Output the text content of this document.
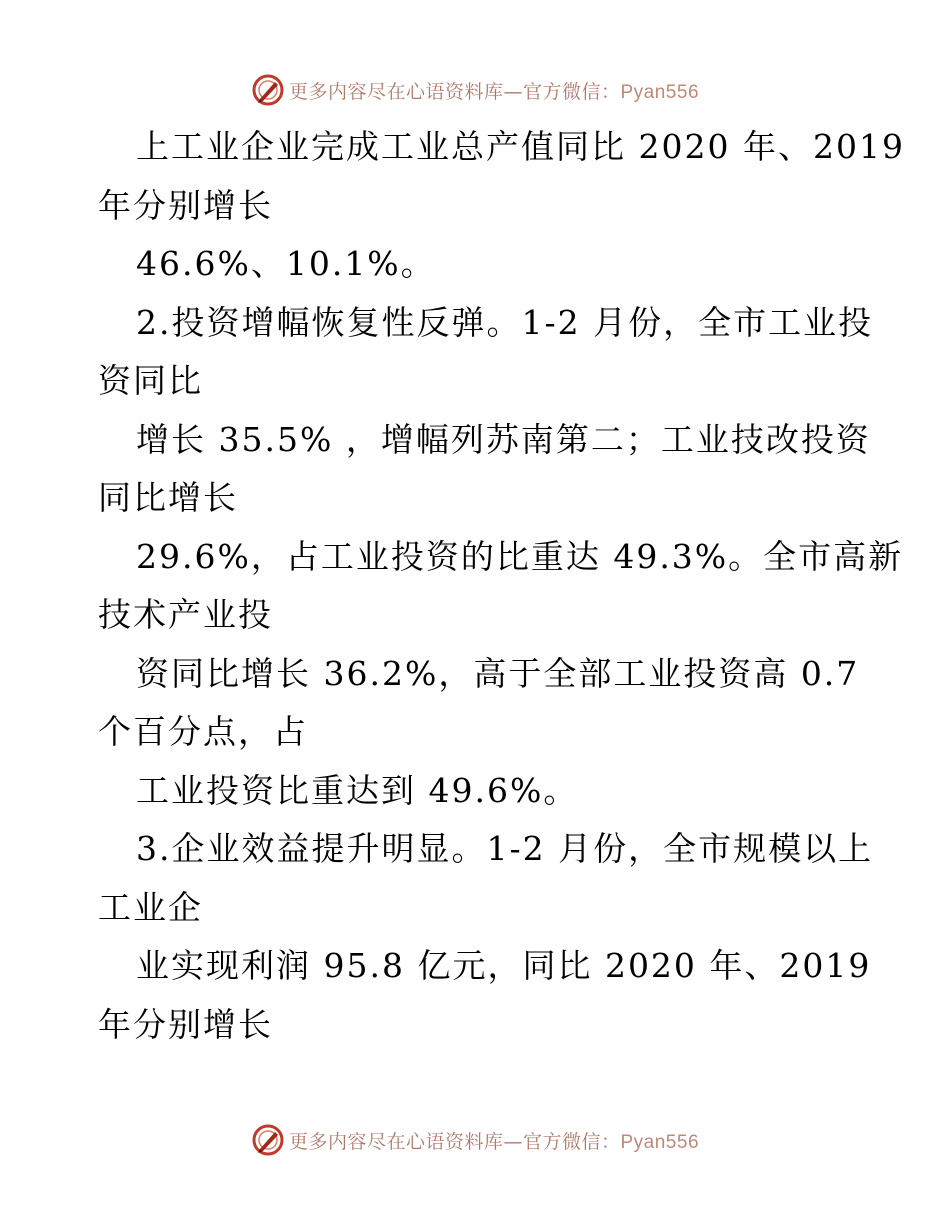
更多内容尽在心语资料库—官方微信：Pyan556
上工业企业完成工业总产值同比 2020 年、2019
年分别增长
46.6%、10.1%。
2.投资增幅恢复性反弹。1-2 月份，全市工业投
资同比
增长 35.5% ，增幅列苏南第二；工业技改投资
同比增长
29.6%，占工业投资的比重达 49.3%。全市高新
技术产业投
资同比增长 36.2%，高于全部工业投资高 0.7
个百分点，占
工业投资比重达到 49.6%。
3.企业效益提升明显。1-2 月份，全市规模以上
工业企
业实现利润 95.8 亿元，同比 2020 年、2019
年分别增长
更多内容尽在心语资料库—官方微信：Pyan556
